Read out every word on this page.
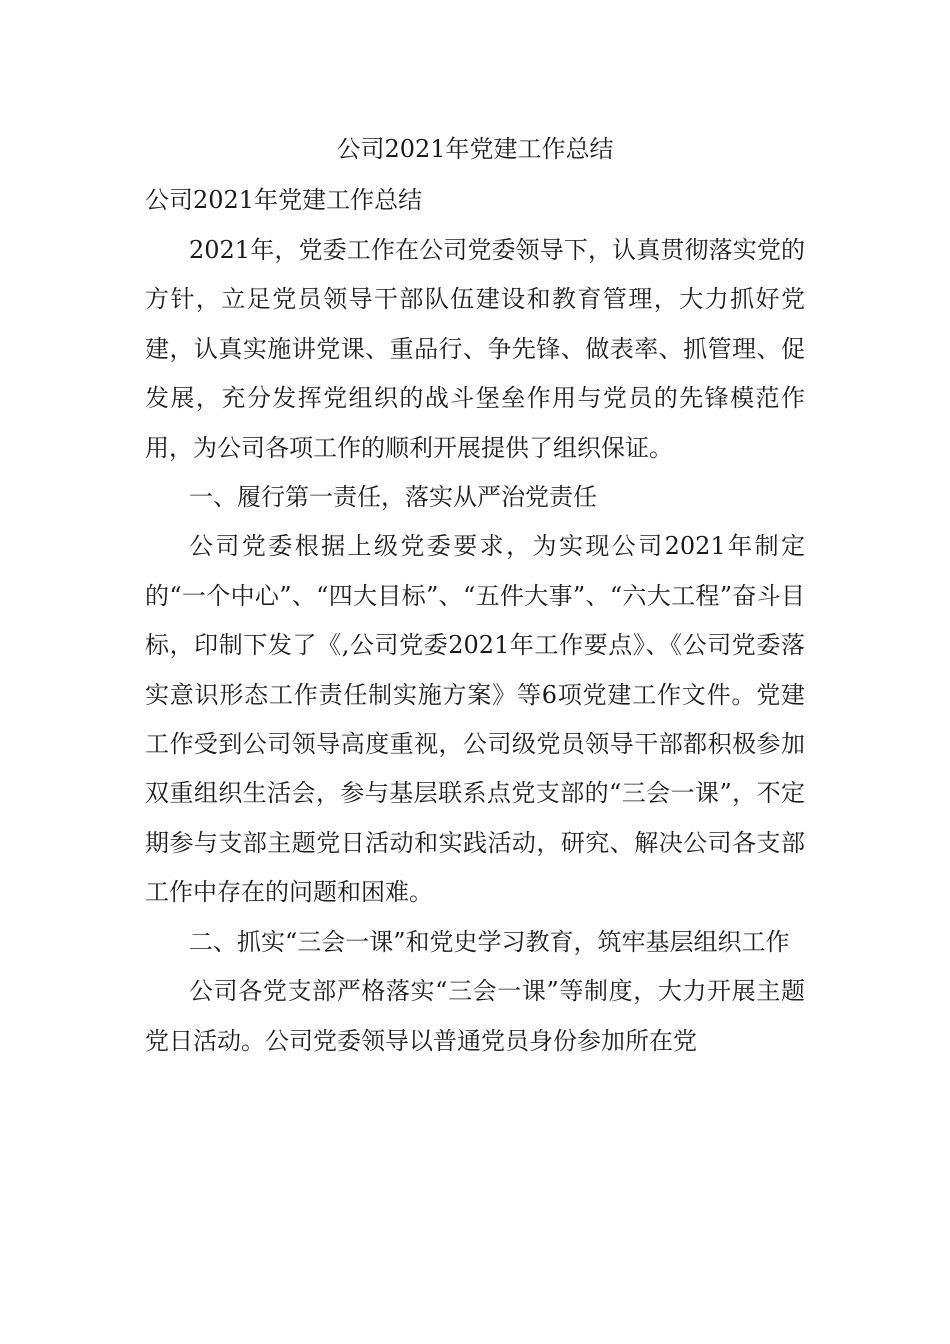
公司2021年党建工作总结
公司2021年党建工作总结

2021年，党委工作在公司党委领导下，认真贯彻落实党的方针，立足党员领导干部队伍建设和教育管理，大力抓好党建，认真实施讲党课、重品行、争先锋、做表率、抓管理、促发展，充分发挥党组织的战斗堡垒作用与党员的先锋模范作用，为公司各项工作的顺利开展提供了组织保证。

一、履行第一责任，落实从严治党责任

公司党委根据上级党委要求，为实现公司2021年制定的“一个中心”、“四大目标”、“五件大事”、“六大工程”奋斗目标，印制下发了《,公司党委2021年工作要点》、《公司党委落实意识形态工作责任制实施方案》等6项党建工作文件。党建工作受到公司领导高度重视，公司级党员领导干部都积极参加双重组织生活会，参与基层联系点党支部的“三会一课”，不定期参与支部主题党日活动和实践活动，研究、解决公司各支部工作中存在的问题和困难。

二、抓实“三会一课”和党史学习教育，筑牢基层组织工作

公司各党支部严格落实“三会一课”等制度，大力开展主题党日活动。公司党委领导以普通党员身份参加所在党
